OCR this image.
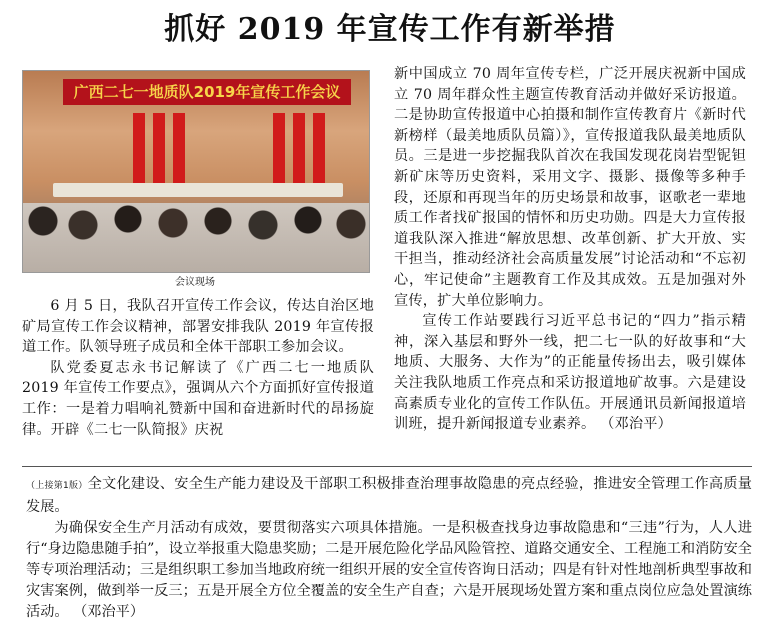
抓好 2019 年宣传工作有新举措
广西二七一地质队2019年宣传工作会议
会议现场

6 月 5 日，我队召开宣传工作会议，传达自治区地矿局宣传工作会议精神，部署安排我队 2019 年宣传报道工作。队领导班子成员和全体干部职工参加会议。

队党委夏志永书记解读了《广西二七一地质队 2019 年宣传工作要点》，强调从六个方面抓好宣传报道工作：一是着力唱响礼赞新中国和奋进新时代的昂扬旋律。开辟《二七一队简报》庆祝

新中国成立 70 周年宣传专栏，广泛开展庆祝新中国成立 70 周年群众性主题宣传教育活动并做好采访报道。二是协助宣传报道中心拍摄和制作宣传教育片《新时代新榜样（最美地质队员篇）》，宣传报道我队最美地质队员。三是进一步挖掘我队首次在我国发现花岗岩型铌钽新矿床等历史资料，采用文字、摄影、摄像等多种手段，还原和再现当年的历史场景和故事，讴歌老一辈地质工作者找矿报国的情怀和历史功勋。四是大力宣传报道我队深入推进“解放思想、改革创新、扩大开放、实干担当，推动经济社会高质量发展”讨论活动和“不忘初心，牢记使命”主题教育工作及其成效。五是加强对外宣传，扩大单位影响力。

宣传工作站要践行习近平总书记的“四力”指示精神，深入基层和野外一线，把二七一队的好故事和“大地质、大服务、大作为”的正能量传扬出去，吸引媒体关注我队地质工作亮点和采访报道地矿故事。六是建设高素质专业化的宣传工作队伍。开展通讯员新闻报道培训班，提升新闻报道专业素养。 （邓治平）

（上接第1版）全文化建设、安全生产能力建设及干部职工积极排查治理事故隐患的亮点经验，推进安全管理工作高质量发展。

为确保安全生产月活动有成效，要贯彻落实六项具体措施。一是积极查找身边事故隐患和“三违”行为，人人进行“身边隐患随手拍”，设立举报重大隐患奖励；二是开展危险化学品风险管控、道路交通安全、工程施工和消防安全等专项治理活动；三是组织职工参加当地政府统一组织开展的安全宣传咨询日活动；四是有针对性地剖析典型事故和灾害案例，做到举一反三；五是开展全方位全覆盖的安全生产自查；六是开展现场处置方案和重点岗位应急处置演练活动。 （邓治平）
